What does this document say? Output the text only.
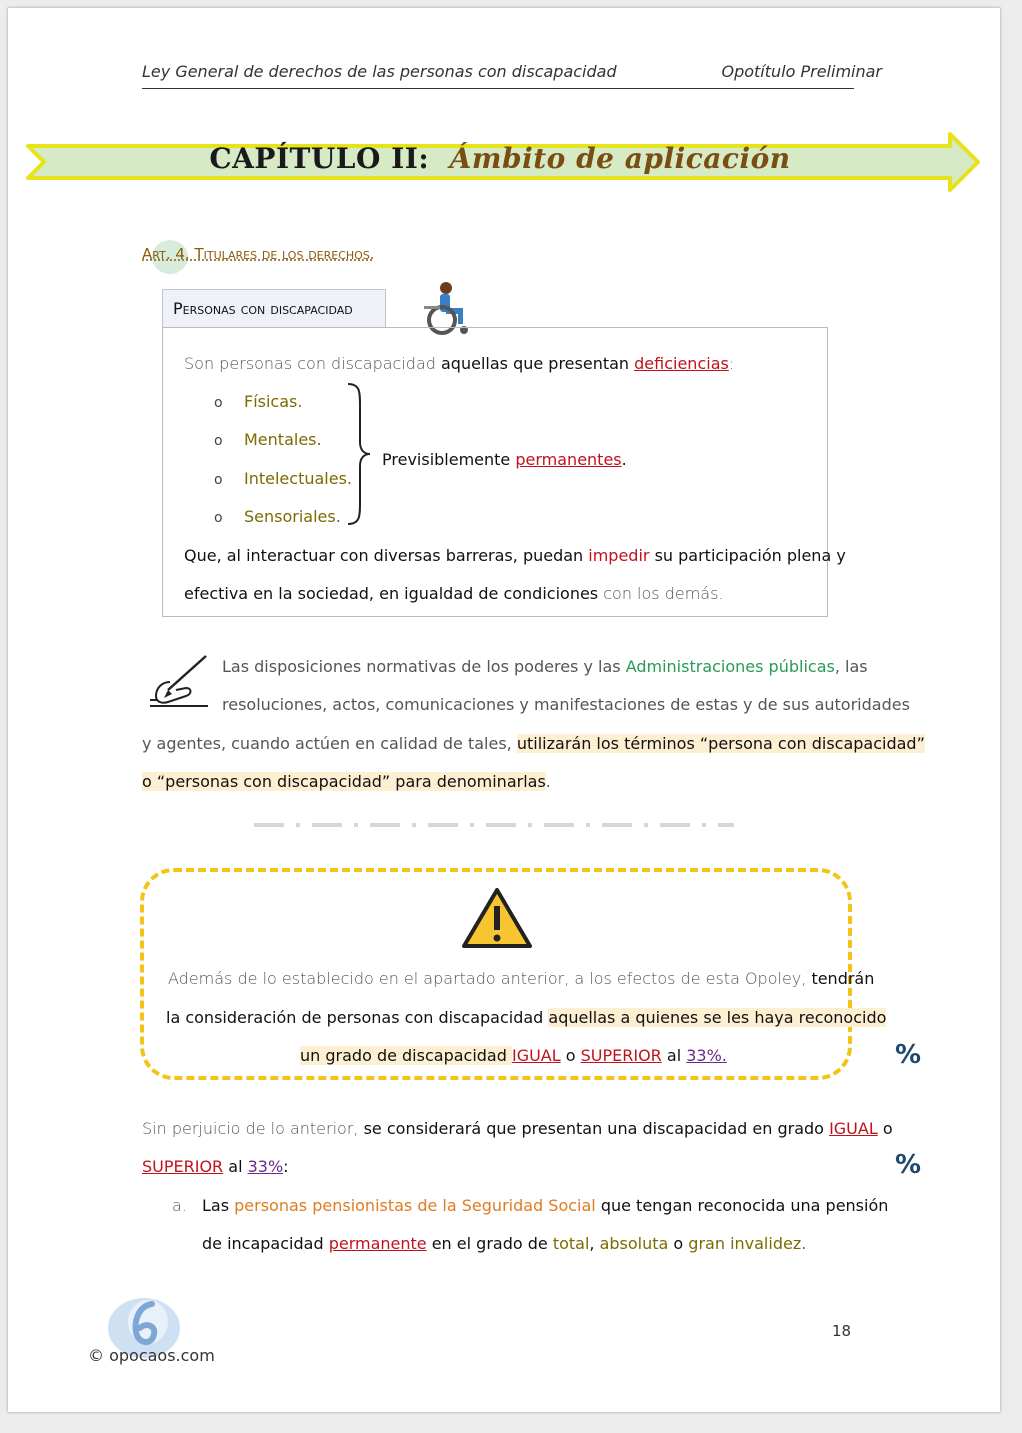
Ley General de derechos de las personas con discapacidad	Opotítulo Preliminar
CAPÍTULO II: Ámbito de aplicación
Art. 4. Titulares de los derechos.
Personas con discapacidad
Son personas con discapacidad aquellas que presentan deficiencias:
o Físicas.
o Mentales.
o Intelectuales.
o Sensoriales.
Previsiblemente permanentes.
Que, al interactuar con diversas barreras, puedan impedir su participación plena y
efectiva en la sociedad, en igualdad de condiciones con los demás.
Las disposiciones normativas de los poderes y las Administraciones públicas, las
resoluciones, actos, comunicaciones y manifestaciones de estas y de sus autoridades
y agentes, cuando actúen en calidad de tales, utilizarán los términos “persona con discapacidad”
o “personas con discapacidad” para denominarlas.
Además de lo establecido en el apartado anterior, a los efectos de esta Opoley, tendrán
la consideración de personas con discapacidad aquellas a quienes se les haya reconocido
un grado de discapacidad IGUAL o SUPERIOR al 33%.	%
Sin perjuicio de lo anterior, se considerará que presentan una discapacidad en grado IGUAL o
SUPERIOR al 33%:	%
a. Las personas pensionistas de la Seguridad Social que tengan reconocida una pensión
de incapacidad permanente en el grado de total, absoluta o gran invalidez.
© opocaos.com
18
